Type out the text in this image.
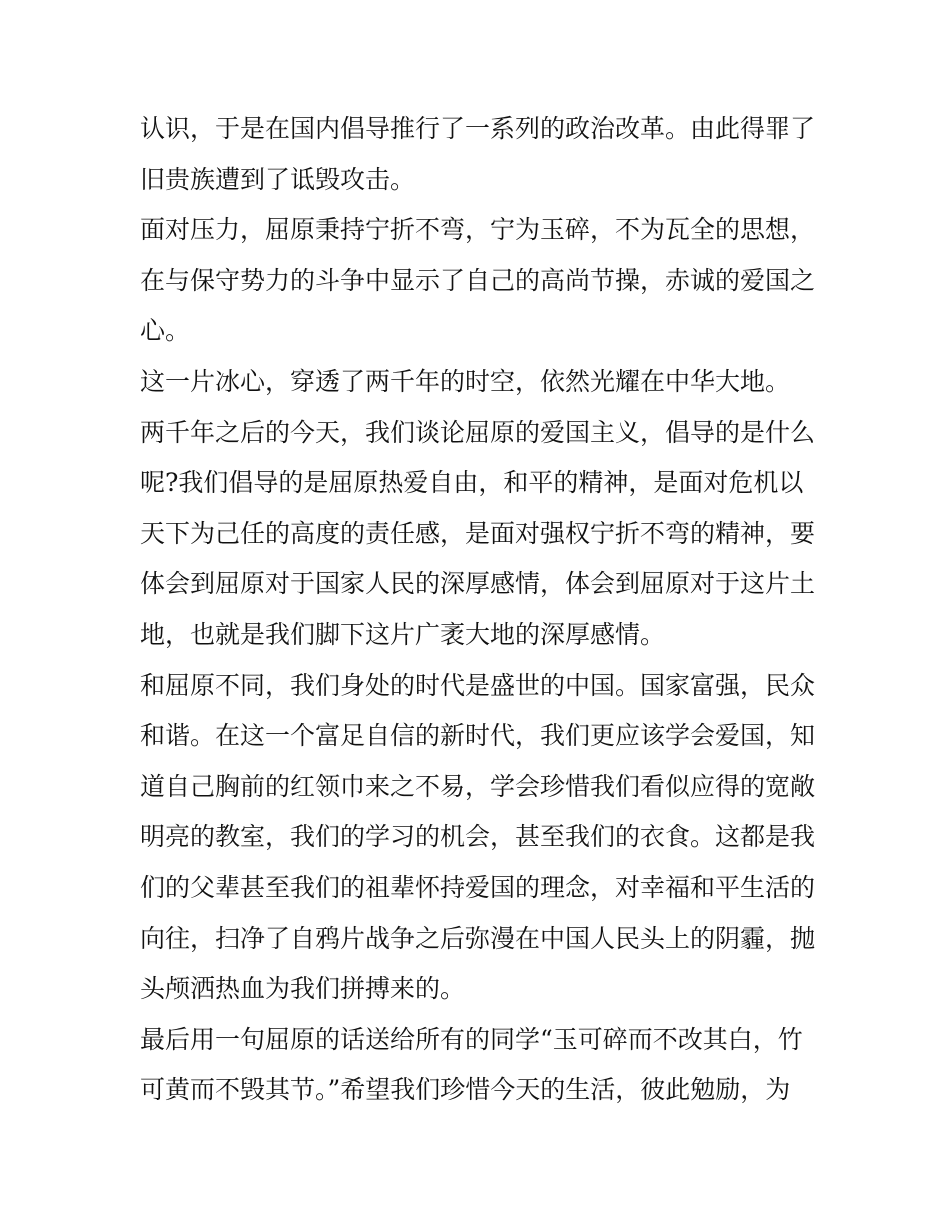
认识，于是在国内倡导推行了一系列的政治改革。由此得罪了
旧贵族遭到了诋毁攻击。
面对压力，屈原秉持宁折不弯，宁为玉碎，不为瓦全的思想，
在与保守势力的斗争中显示了自己的高尚节操，赤诚的爱国之
心。
这一片冰心，穿透了两千年的时空，依然光耀在中华大地。
两千年之后的今天，我们谈论屈原的爱国主义，倡导的是什么
呢?我们倡导的是屈原热爱自由，和平的精神，是面对危机以
天下为己任的高度的责任感，是面对强权宁折不弯的精神，要
体会到屈原对于国家人民的深厚感情，体会到屈原对于这片土
地，也就是我们脚下这片广袤大地的深厚感情。
和屈原不同，我们身处的时代是盛世的中国。国家富强，民众
和谐。在这一个富足自信的新时代，我们更应该学会爱国，知
道自己胸前的红领巾来之不易，学会珍惜我们看似应得的宽敞
明亮的教室，我们的学习的机会，甚至我们的衣食。这都是我
们的父辈甚至我们的祖辈怀持爱国的理念，对幸福和平生活的
向往，扫净了自鸦片战争之后弥漫在中国人民头上的阴霾，抛
头颅洒热血为我们拼搏来的。
最后用一句屈原的话送给所有的同学“玉可碎而不改其白，竹
可黄而不毁其节。”希望我们珍惜今天的生活，彼此勉励，为
